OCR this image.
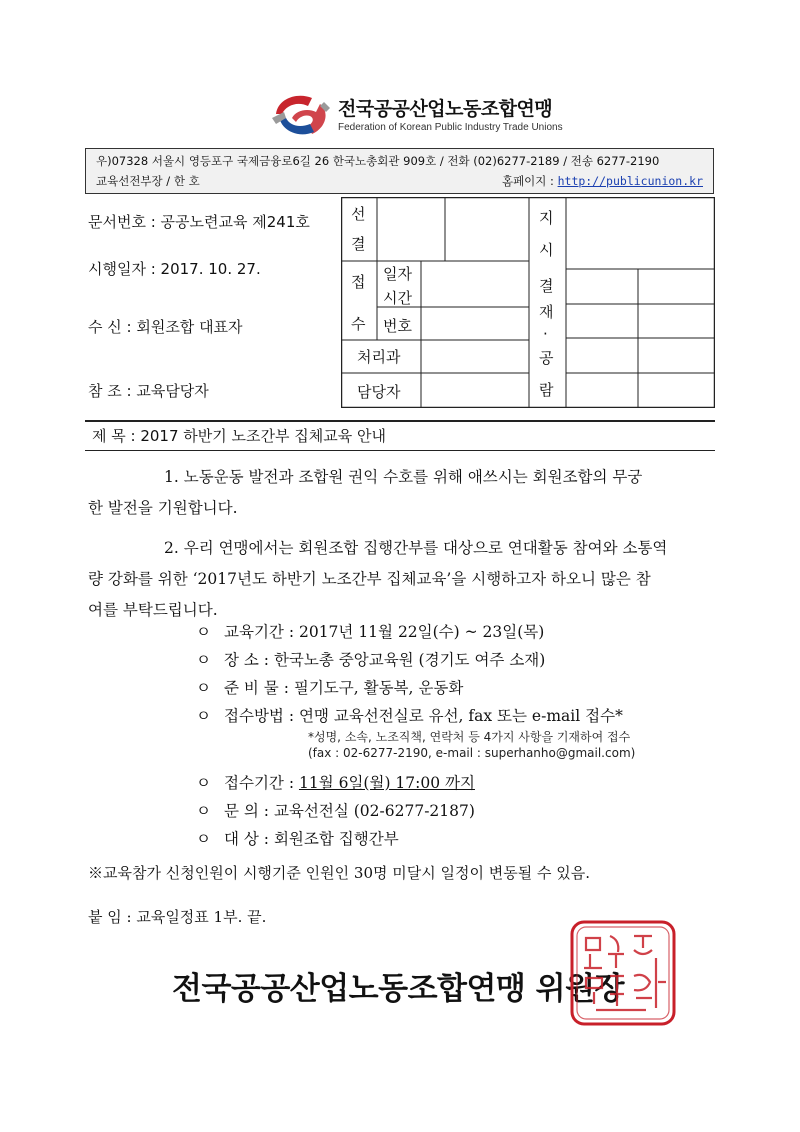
전국공공산업노동조합연맹
Federation of Korean Public Industry Trade Unions
우)07328 서울시 영등포구 국제금융로6길 26 한국노총회관 909호 / 전화 (02)6277-2189 / 전송 6277-2190
교육선전부장 / 한 호	홈페이지 : http://publicunion.kr
문서번호 : 공공노련교육 제241호
시행일자 : 2017. 10. 27.
수 신 : 회원조합 대표자
참 조 : 교육담당자
선
결
지
시
접
수
일자
시간
번호
처리과
담당자
결
재
·
공
람
제 목 : 2017 하반기 노조간부 집체교육 안내
1. 노동운동 발전과 조합원 권익 수호를 위해 애쓰시는 회원조합의 무궁
한 발전을 기원합니다.
2. 우리 연맹에서는 회원조합 집행간부를 대상으로 연대활동 참여와 소통역
량 강화를 위한 ‘2017년도 하반기 노조간부 집체교육’을 시행하고자 하오니 많은 참
여를 부탁드립니다.
ㅇ 교육기간 : 2017년 11월 22일(수) ~ 23일(목)
ㅇ 장 소 : 한국노총 중앙교육원 (경기도 여주 소재)
ㅇ 준 비 물 : 필기도구, 활동복, 운동화
ㅇ 접수방법 : 연맹 교육선전실로 유선, fax 또는 e-mail 접수*
*성명, 소속, 노조직책, 연락처 등 4가지 사항을 기재하여 접수
(fax : 02-6277-2190, e-mail : superhanho@gmail.com)
ㅇ 접수기간 : 11월 6일(월) 17:00 까지
ㅇ 문 의 : 교육선전실 (02-6277-2187)
ㅇ 대 상 : 회원조합 집행간부
※교육참가 신청인원이 시행기준 인원인 30명 미달시 일정이 변동될 수 있음.
붙 임 : 교육일정표 1부. 끝.
전국공공산업노동조합연맹 위원장
